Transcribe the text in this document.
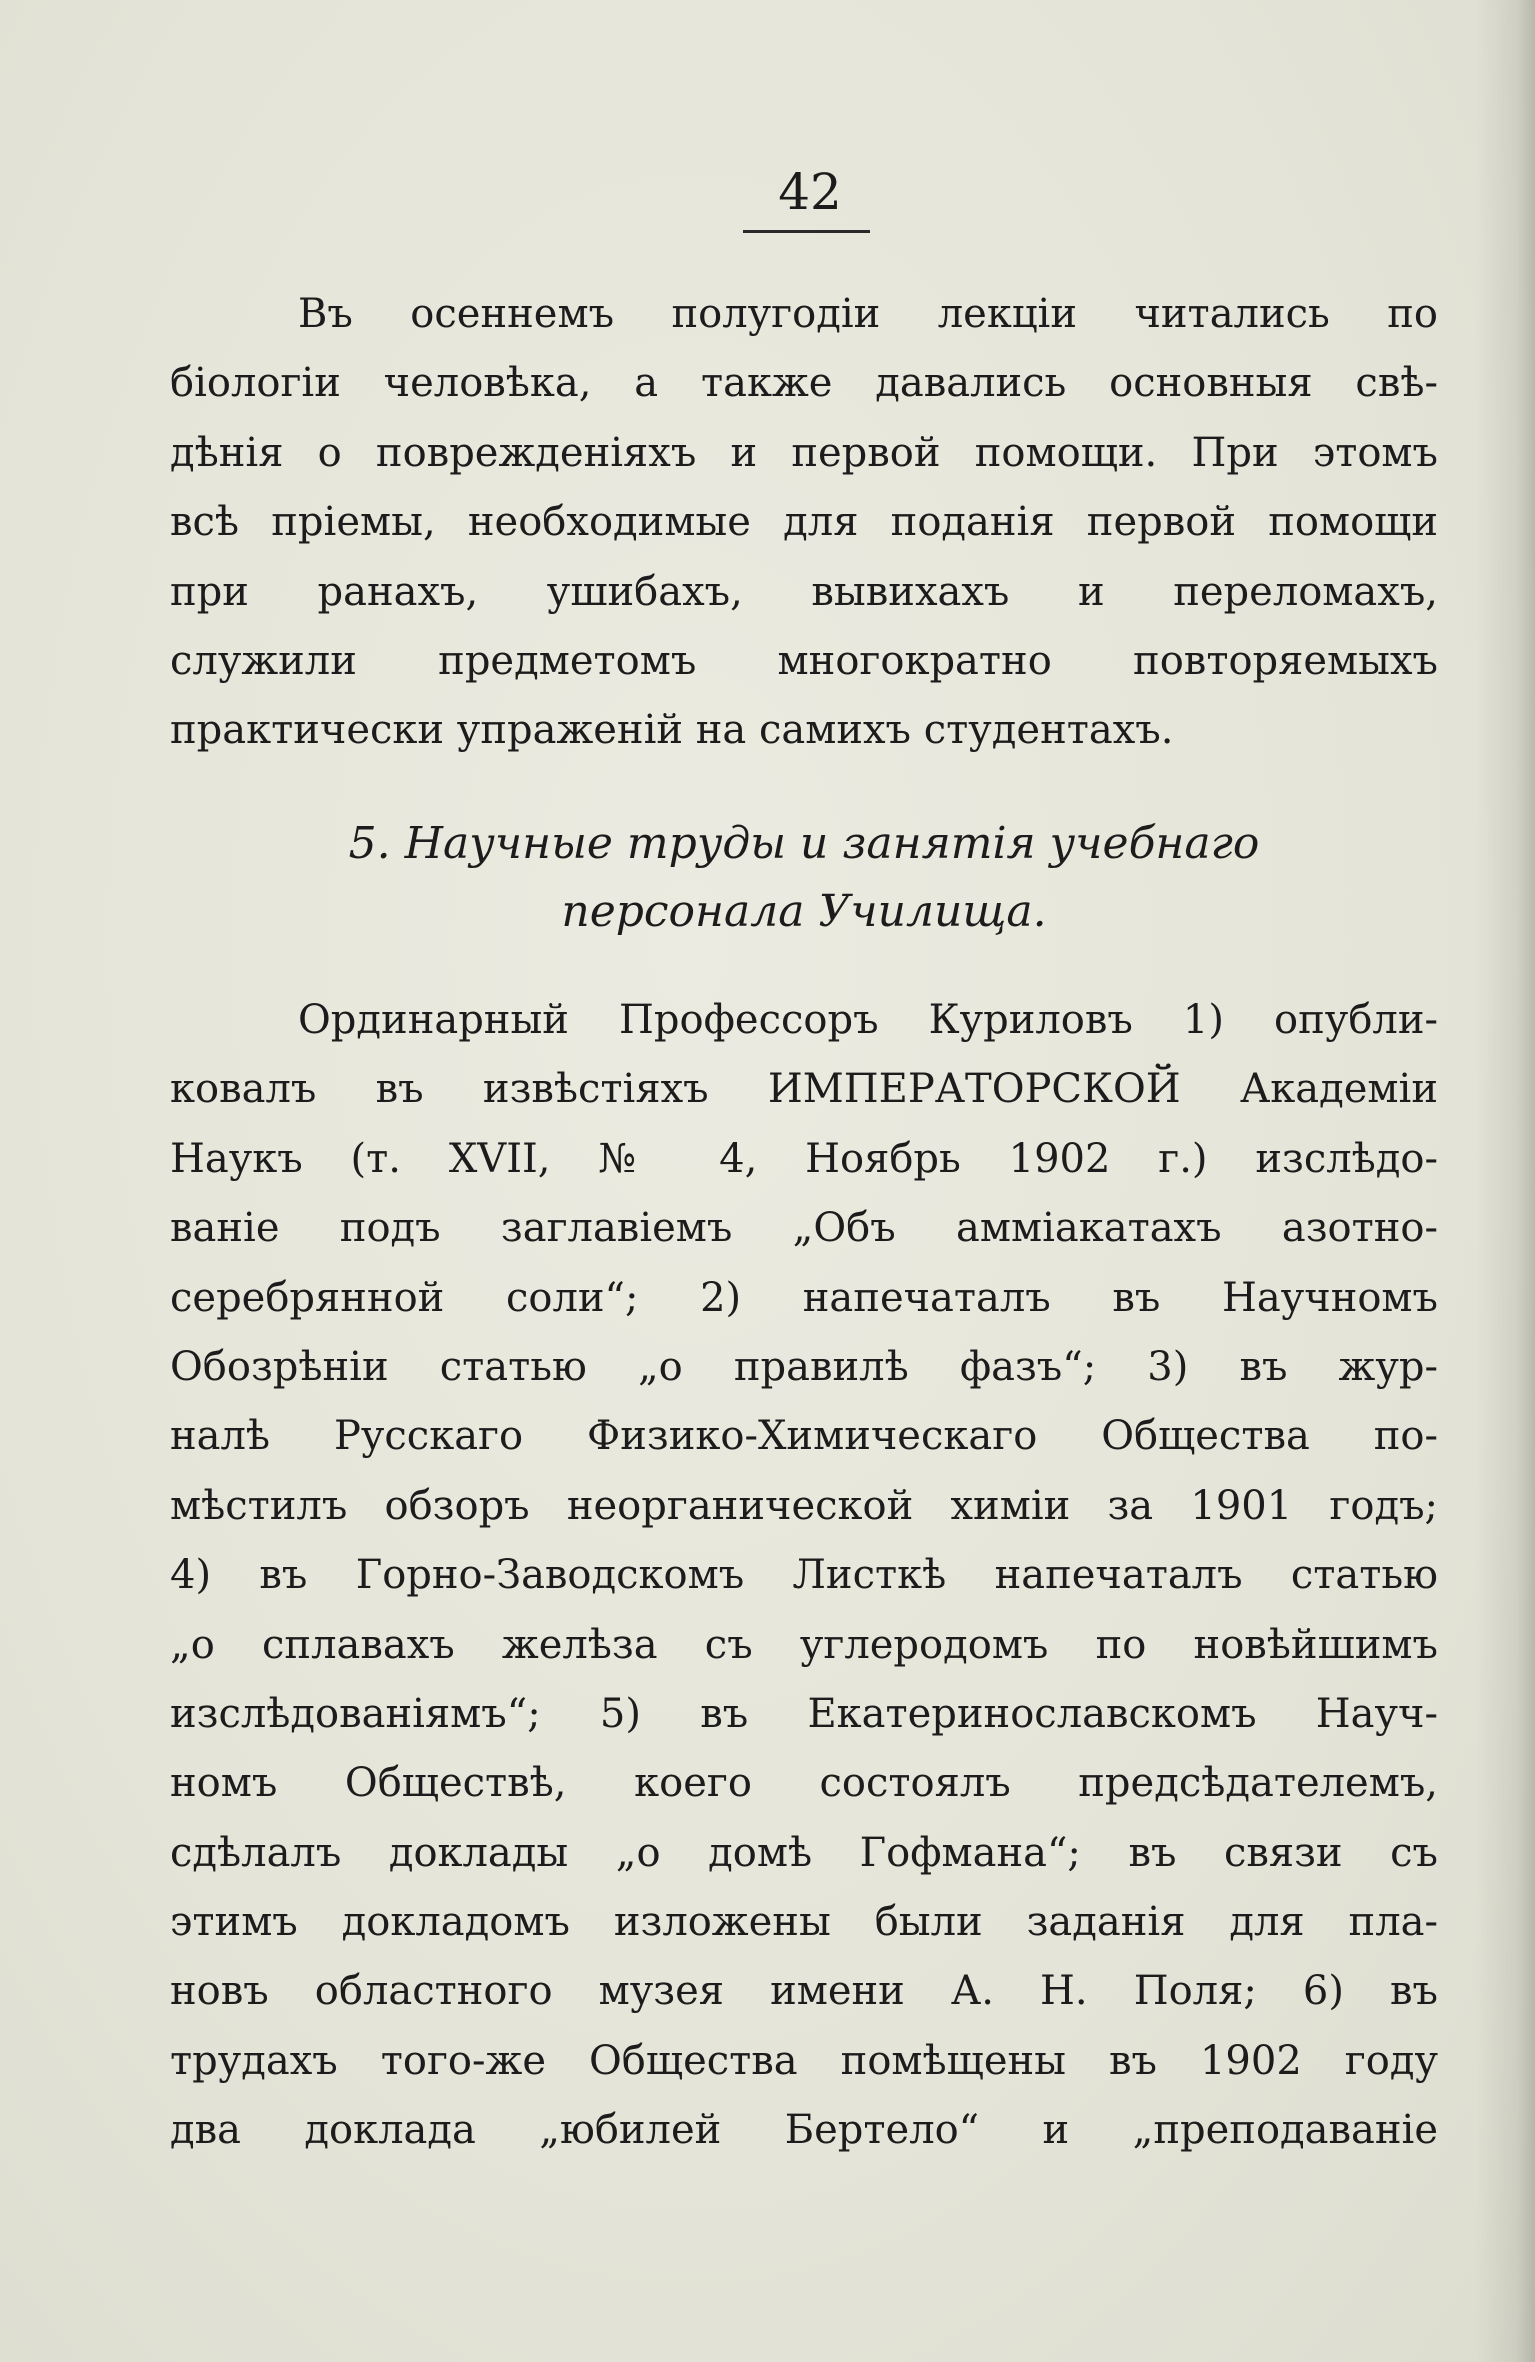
42
Въ осеннемъ полугодіи лекціи читались по
біологіи человѣка, а также давались основныя свѣ-
дѣнія о поврежденіяхъ и первой помощи. При этомъ
всѣ пріемы, необходимые для подaнія первой помощи
при ранахъ, ушибахъ, вывихахъ и переломахъ,
служили предметомъ многократно повторяемыхъ
практически упраженій на самихъ студентахъ.
5. Научные труды и занятія учебнаго
персонала Училища.
Ординарный Профессоръ Куриловъ 1) опубли-
ковалъ въ извѣстіяхъ ИМПЕРАТОРСКОЙ Академіи
Наукъ (т. XVII, № 4, Ноябрь 1902 г.) изслѣдо-
ваніе подъ заглавіемъ „Объ амміакатахъ азотно-
серебрянной соли“; 2) напечаталъ въ Научномъ
Обозрѣніи статью „о правилѣ фазъ“; 3) въ жур-
налѣ Русскаго Физико-Химическаго Общества по-
мѣстилъ обзоръ неорганической химіи за 1901 годъ;
4) въ Горно-Заводскомъ Листкѣ напечаталъ статью
„о сплавахъ желѣза съ углеродомъ по новѣйшимъ
изслѣдованіямъ“; 5) въ Екатеринославскомъ Науч-
номъ Обществѣ, коего состоялъ предсѣдателемъ,
сдѣлалъ доклады „о домѣ Гофмана“; въ связи съ
этимъ докладомъ изложены были заданія для пла-
новъ областного музея имени А. Н. Поля; 6) въ
трудахъ того-же Общества помѣщены въ 1902 году
два доклада „юбилей Бертело“ и „преподаваніе
